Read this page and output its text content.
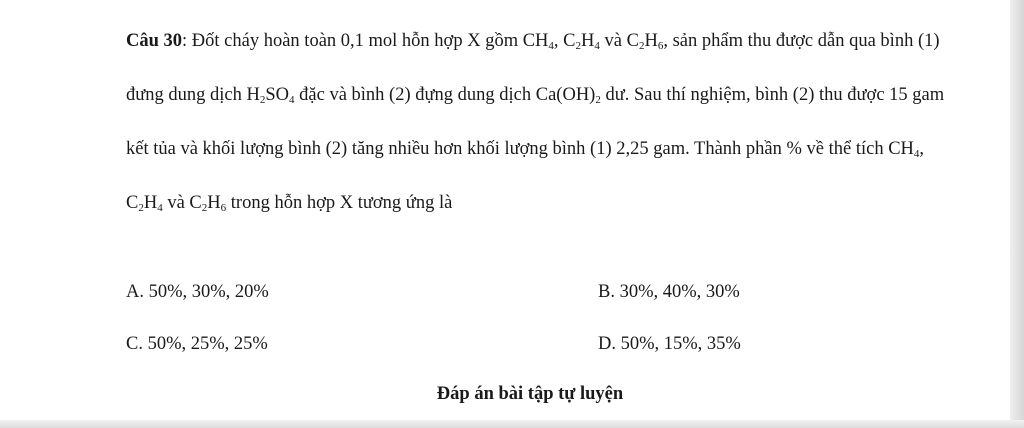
Câu 30: Đốt cháy hoàn toàn 0,1 mol hỗn hợp X gồm $CH_4$, $C_2H_4$ và $C_2H_6$, sản phẩm thu được dẫn qua bình (1) đưng dung dịch $H_2SO_4$ đặc và bình (2) đựng dung dịch $Ca(OH)_2$ dư. Sau thí nghiệm, bình (2) thu được 15 gam kết tủa và khối lượng bình (2) tăng nhiều hơn khối lượng bình (1) 2,25 gam. Thành phần % về thể tích $CH_4$, $C_2H_4$ và $C_2H_6$ trong hỗn hợp X tương ứng là

A. 50%, 30%, 20%	B. 30%, 40%, 30%
C. 50%, 25%, 25%	D. 50%, 15%, 35%
Đáp án bài tập tự luyện
